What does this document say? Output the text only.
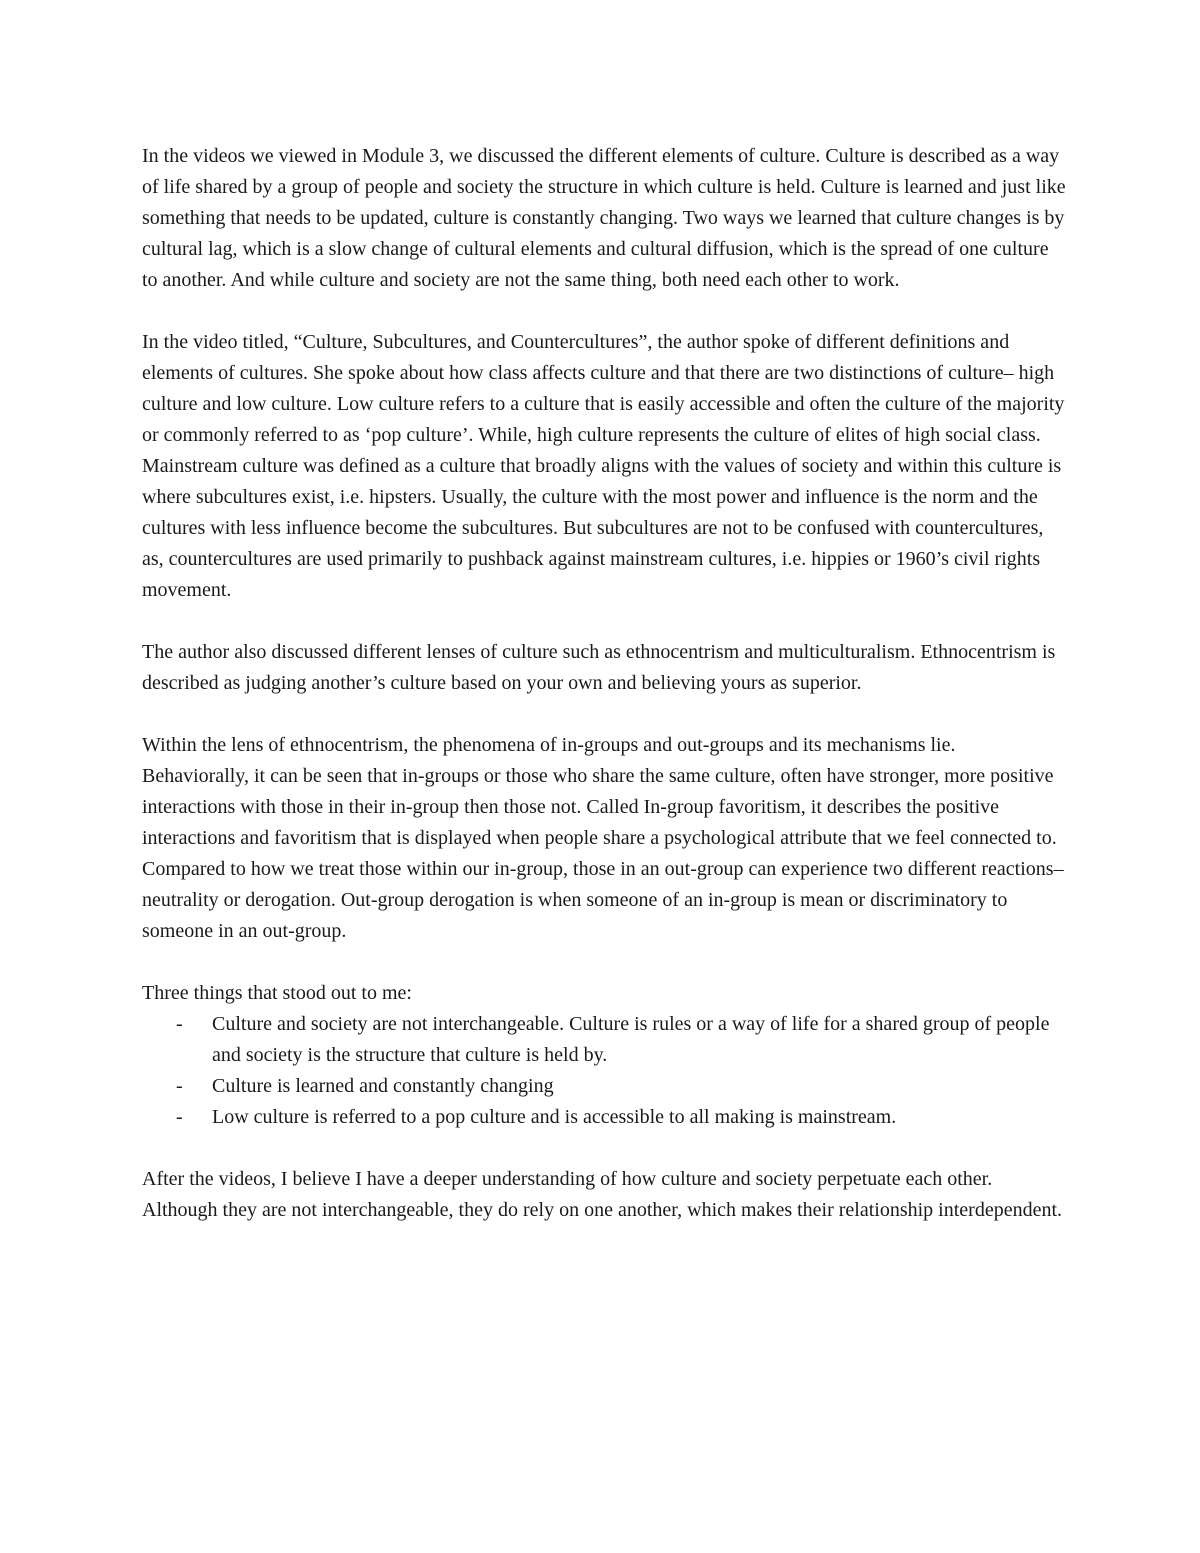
In the videos we viewed in Module 3, we discussed the different elements of culture. Culture is described as a way of life shared by a group of people and society the structure in which culture is held. Culture is learned and just like something that needs to be updated, culture is constantly changing. Two ways we learned that culture changes is by cultural lag, which is a slow change of cultural elements and cultural diffusion, which is the spread of one culture to another. And while culture and society are not the same thing, both need each other to work.

In the video titled, “Culture, Subcultures, and Countercultures”, the author spoke of different definitions and elements of cultures. She spoke about how class affects culture and that there are two distinctions of culture– high culture and low culture. Low culture refers to a culture that is easily accessible and often the culture of the majority or commonly referred to as ‘pop culture’. While, high culture represents the culture of elites of high social class. Mainstream culture was defined as a culture that broadly aligns with the values of society and within this culture is where subcultures exist, i.e. hipsters. Usually, the culture with the most power and influence is the norm and the cultures with less influence become the subcultures. But subcultures are not to be confused with countercultures, as, countercultures are used primarily to pushback against mainstream cultures, i.e. hippies or 1960’s civil rights movement.

The author also discussed different lenses of culture such as ethnocentrism and multiculturalism. Ethnocentrism is described as judging another’s culture based on your own and believing yours as superior.

Within the lens of ethnocentrism, the phenomena of in-groups and out-groups and its mechanisms lie. Behaviorally, it can be seen that in-groups or those who share the same culture, often have stronger, more positive interactions with those in their in-group then those not. Called In-group favoritism, it describes the positive interactions and favoritism that is displayed when people share a psychological attribute that we feel connected to. Compared to how we treat those within our in-group, those in an out-group can experience two different reactions– neutrality or derogation. Out-group derogation is when someone of an in-group is mean or discriminatory to someone in an out-group.

Three things that stood out to me:

- Culture and society are not interchangeable. Culture is rules or a way of life for a shared group of people and society is the structure that culture is held by.
- Culture is learned and constantly changing
- Low culture is referred to a pop culture and is accessible to all making is mainstream.

After the videos, I believe I have a deeper understanding of how culture and society perpetuate each other. Although they are not interchangeable, they do rely on one another, which makes their relationship interdependent.
